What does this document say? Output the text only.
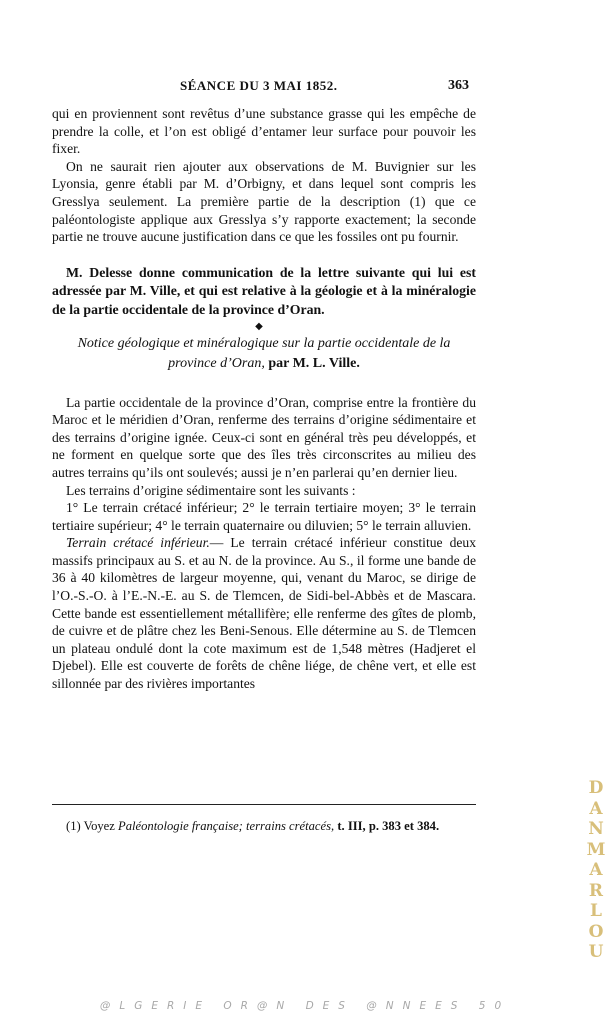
SÉANCE DU 3 MAI 1852.	363

qui en proviennent sont revêtus d’une substance grasse qui les empêche de prendre la colle, et l’on est obligé d’entamer leur surface pour pouvoir les fixer.

On ne saurait rien ajouter aux observations de M. Buvignier sur les Lyonsia, genre établi par M. d’Orbigny, et dans lequel sont compris les Gresslya seulement. La première partie de la description (1) que ce paléontologiste applique aux Gresslya s’y rapporte exactement; la seconde partie ne trouve aucune justification dans ce que les fossiles ont pu fournir.

M. Delesse donne communication de la lettre suivante qui lui est adressée par M. Ville, et qui est relative à la géologie et à la minéralogie de la partie occidentale de la province d’Oran.

◆
Notice géologique et minéralogique sur la partie occidentale de la province d’Oran, par M. L. Ville.

La partie occidentale de la province d’Oran, comprise entre la frontière du Maroc et le méridien d’Oran, renferme des terrains d’origine sédimentaire et des terrains d’origine ignée. Ceux-ci sont en général très peu développés, et ne forment en quelque sorte que des îles très circonscrites au milieu des autres terrains qu’ils ont soulevés; aussi je n’en parlerai qu’en dernier lieu.

Les terrains d’origine sédimentaire sont les suivants :

1° Le terrain crétacé inférieur; 2° le terrain tertiaire moyen; 3° le terrain tertiaire supérieur; 4° le terrain quaternaire ou diluvien; 5° le terrain alluvien.

Terrain crétacé inférieur.— Le terrain crétacé inférieur constitue deux massifs principaux au S. et au N. de la province. Au S., il forme une bande de 36 à 40 kilomètres de largeur moyenne, qui, venant du Maroc, se dirige de l’O.-S.-O. à l’E.-N.-E. au S. de Tlemcen, de Sidi-bel-Abbès et de Mascara. Cette bande est essentiellement métallifère; elle renferme des gîtes de plomb, de cuivre et de plâtre chez les Beni-Senous. Elle détermine au S. de Tlemcen un plateau ondulé dont la cote maximum est de 1,548 mètres (Hadjeret el Djebel). Elle est couverte de forêts de chêne liége, de chêne vert, et elle est sillonnée par des rivières importantes

(1) Voyez Paléontologie française; terrains crétacés, t. III, p. 383 et 384.

D
A
N
M
A
R
L
O
U
@LGERIE OR@N DES @NNEES 50
